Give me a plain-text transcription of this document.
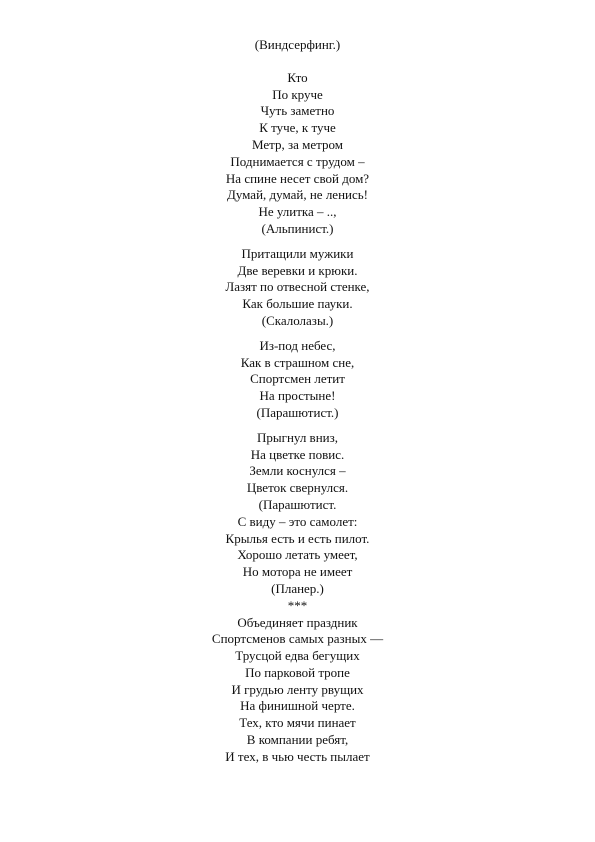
(Виндсерфинг.)
Кто
По круче
Чуть заметно
К туче, к туче
Метр, за метром
Поднимается с трудом –
На спине несет свой дом?
Думай, думай, не ленись!
Не улитка – ..,
(Альпинист.)
Притащили мужики
Две веревки и крюки.
Лазят по отвесной стенке,
Как большие пауки.
(Скалолазы.)
Из-под небес,
Как в страшном сне,
Спортсмен летит
На простыне!
(Парашютист.)
Прыгнул вниз,
На цветке повис.
Земли коснулся –
Цветок свернулся.
(Парашютист.
С виду – это самолет:
Крылья есть и есть пилот.
Хорошо летать умеет,
Но мотора не имеет
(Планер.)
***
Объединяет праздник
Спортсменов самых разных —
Трусцой едва бегущих
По парковой тропе
И грудью ленту рвущих
На финишной черте.
Тех, кто мячи пинает
В компании ребят,
И тех, в чью честь пылает
